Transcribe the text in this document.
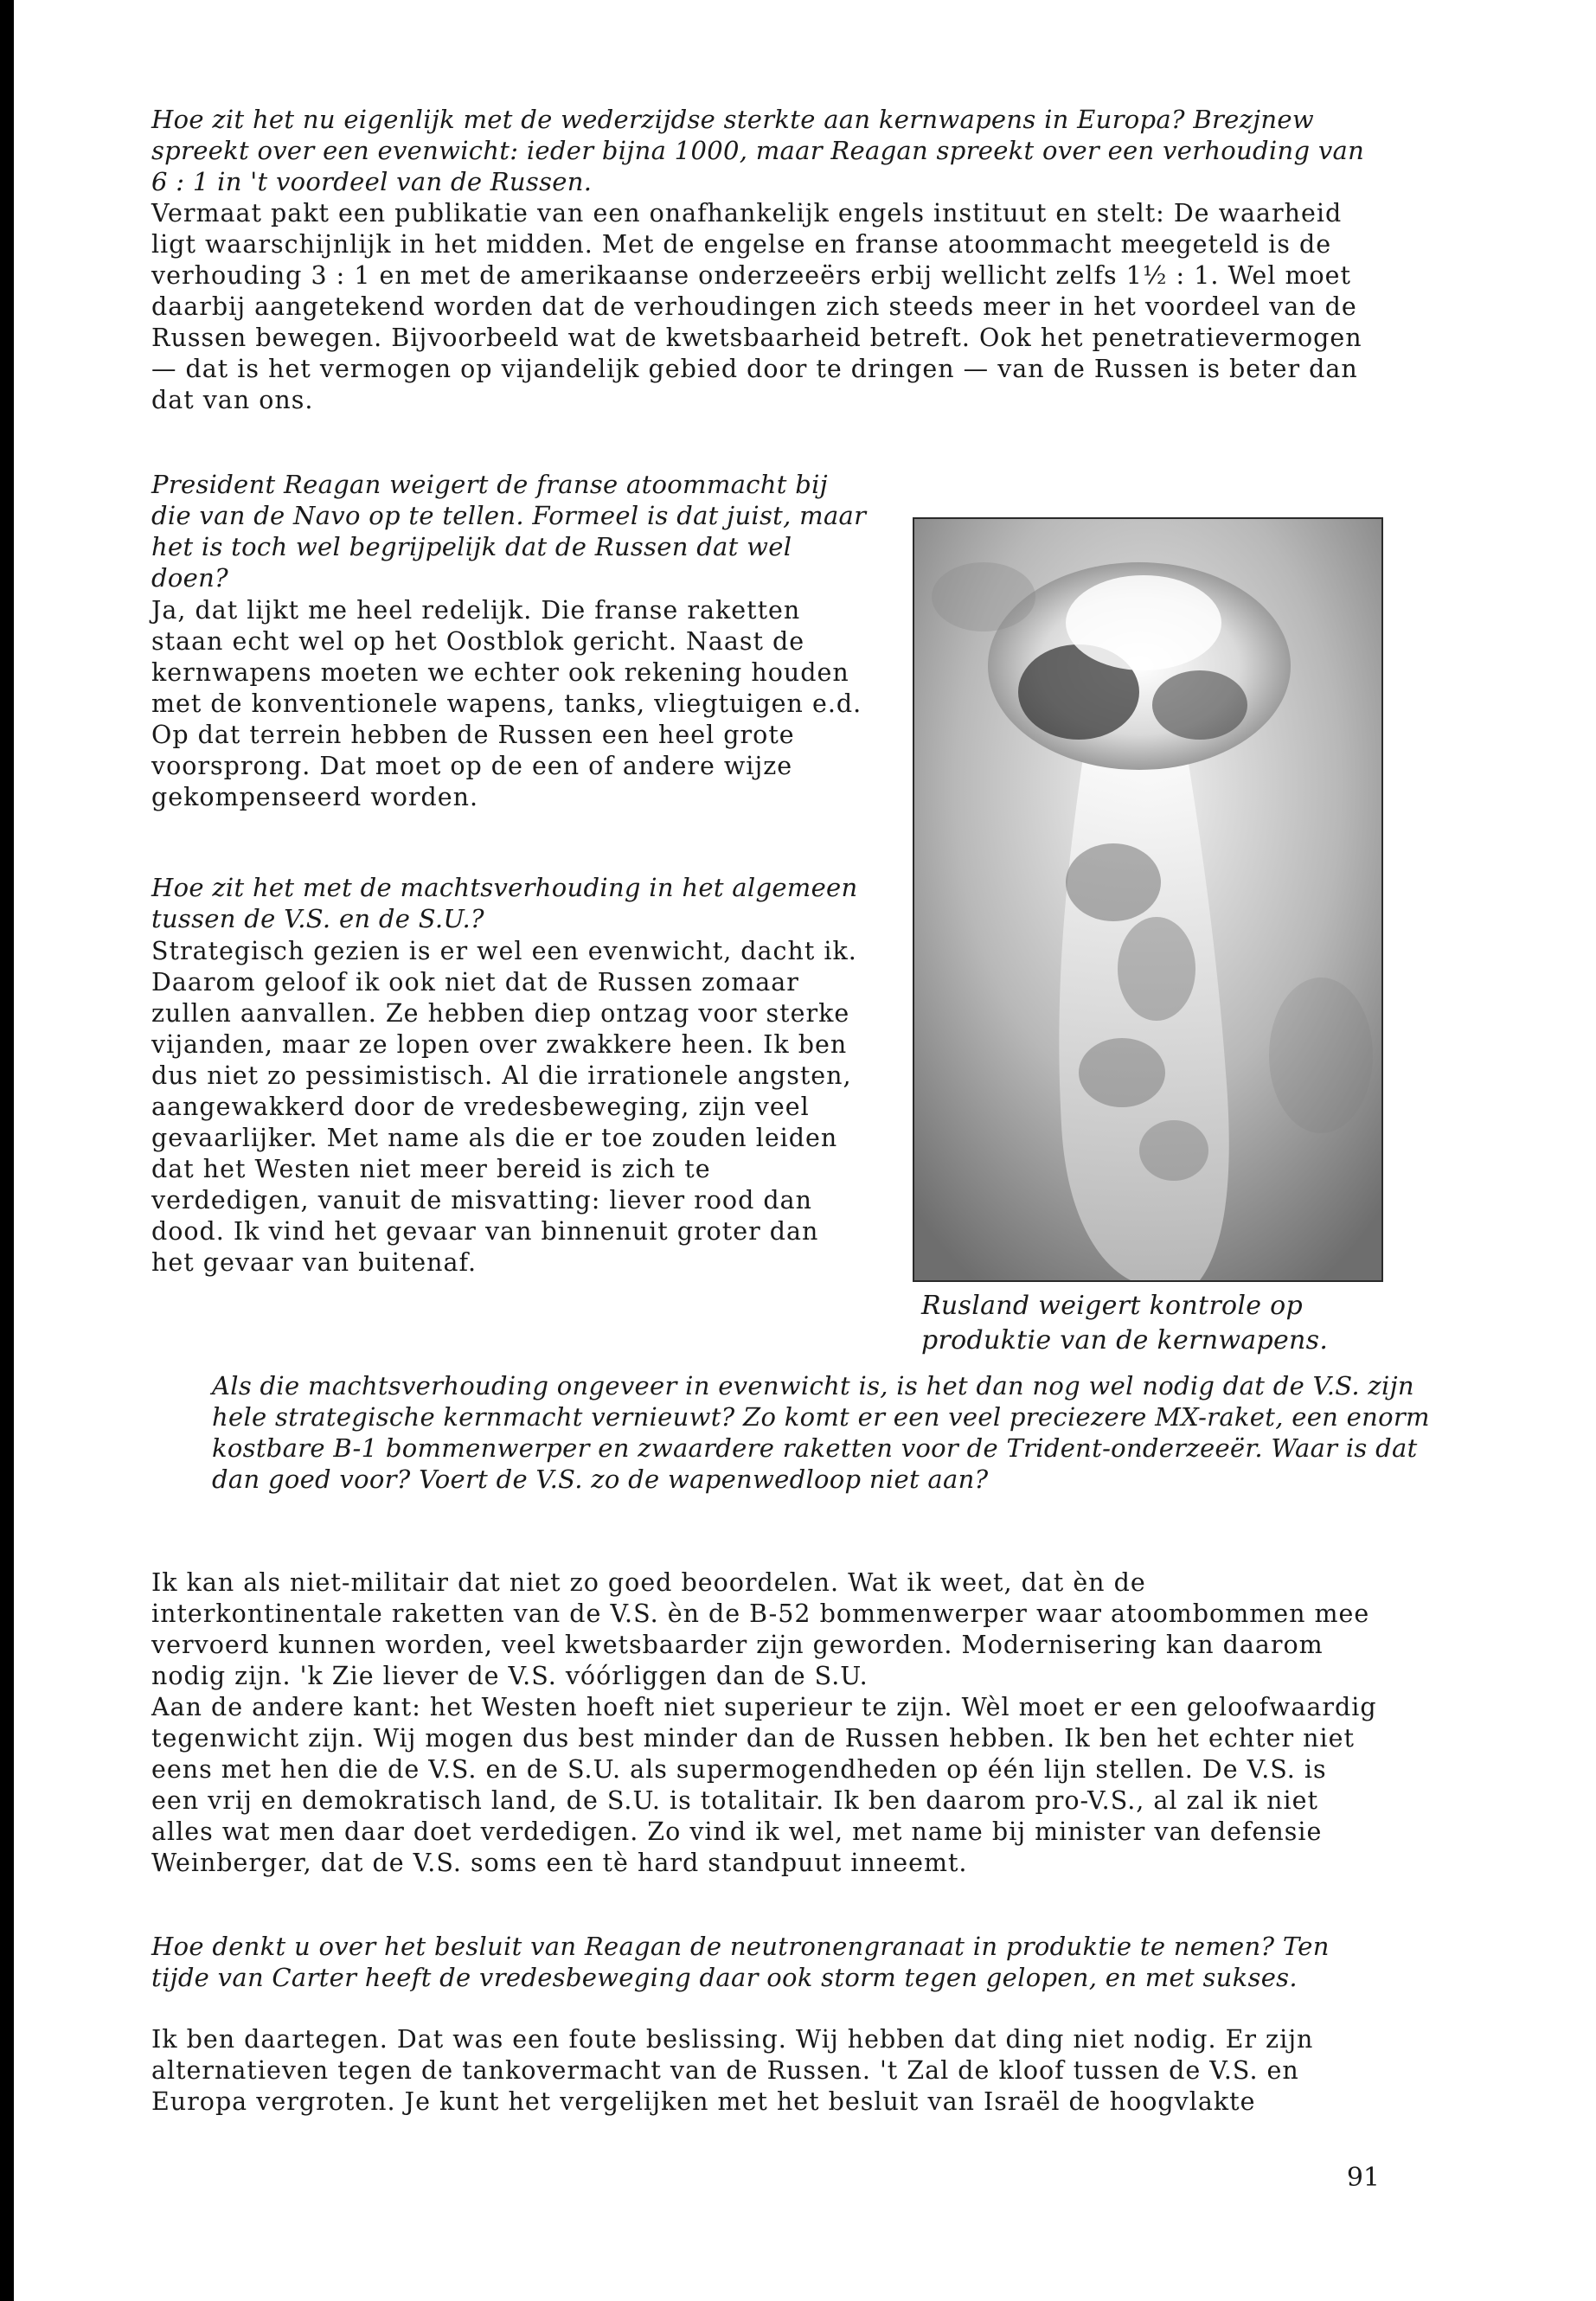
Hoe zit het nu eigenlijk met de wederzijdse sterkte aan kernwapens in Europa? Brezjnew spreekt over een evenwicht: ieder bijna 1000, maar Reagan spreekt over een verhouding van 6 : 1 in 't voordeel van de Russen.

Vermaat pakt een publikatie van een onafhankelijk engels instituut en stelt: De waarheid ligt waarschijnlijk in het midden. Met de engelse en franse atoommacht meegeteld is de verhouding 3 : 1 en met de amerikaanse onderzeeërs erbij wellicht zelfs 1½ : 1. Wel moet daarbij aangetekend worden dat de verhoudingen zich steeds meer in het voordeel van de Russen bewegen. Bijvoorbeeld wat de kwetsbaarheid betreft. Ook het penetratievermogen — dat is het vermogen op vijandelijk gebied door te dringen — van de Russen is beter dan dat van ons.

President Reagan weigert de franse atoommacht bij die van de Navo op te tellen. Formeel is dat juist, maar het is toch wel begrijpelijk dat de Russen dat wel doen?

Ja, dat lijkt me heel redelijk. Die franse raketten staan echt wel op het Oostblok gericht. Naast de kernwapens moeten we echter ook rekening houden met de konventionele wapens, tanks, vliegtuigen e.d. Op dat terrein hebben de Russen een heel grote voorsprong. Dat moet op de een of andere wijze gekompenseerd worden.

Hoe zit het met de machtsverhouding in het algemeen tussen de V.S. en de S.U.?

Strategisch gezien is er wel een evenwicht, dacht ik. Daarom geloof ik ook niet dat de Russen zomaar zullen aanvallen. Ze hebben diep ontzag voor sterke vijanden, maar ze lopen over zwakkere heen. Ik ben dus niet zo pessimistisch. Al die irrationele angsten, aangewakkerd door de vredesbeweging, zijn veel gevaarlijker. Met name als die er toe zouden leiden dat het Westen niet meer bereid is zich te verdedigen, vanuit de misvatting: liever rood dan dood. Ik vind het gevaar van binnenuit groter dan het gevaar van buitenaf.

Rusland weigert kontrole op produktie van de kernwapens.

Als die machtsverhouding ongeveer in evenwicht is, is het dan nog wel nodig dat de V.S. zijn hele strategische kernmacht vernieuwt? Zo komt er een veel preciezere MX-raket, een enorm kostbare B-1 bommenwerper en zwaardere raketten voor de Trident-onderzeeër. Waar is dat dan goed voor? Voert de V.S. zo de wapenwedloop niet aan?

Ik kan als niet-militair dat niet zo goed beoordelen. Wat ik weet, dat èn de interkontinentale raketten van de V.S. èn de B-52 bommenwerper waar atoombommen mee vervoerd kunnen worden, veel kwetsbaarder zijn geworden. Modernisering kan daarom nodig zijn. 'k Zie liever de V.S. vóórliggen dan de S.U.

Aan de andere kant: het Westen hoeft niet superieur te zijn. Wèl moet er een geloofwaardig tegenwicht zijn. Wij mogen dus best minder dan de Russen hebben. Ik ben het echter niet eens met hen die de V.S. en de S.U. als supermogendheden op één lijn stellen. De V.S. is een vrij en demokratisch land, de S.U. is totalitair. Ik ben daarom pro-V.S., al zal ik niet alles wat men daar doet verdedigen. Zo vind ik wel, met name bij minister van defensie Weinberger, dat de V.S. soms een tè hard standpuut inneemt.

Hoe denkt u over het besluit van Reagan de neutronengranaat in produktie te nemen? Ten tijde van Carter heeft de vredesbeweging daar ook storm tegen gelopen, en met sukses.

Ik ben daartegen. Dat was een foute beslissing. Wij hebben dat ding niet nodig. Er zijn alternatieven tegen de tankovermacht van de Russen. 't Zal de kloof tussen de V.S. en Europa vergroten. Je kunt het vergelijken met het besluit van Israël de hoogvlakte

91
